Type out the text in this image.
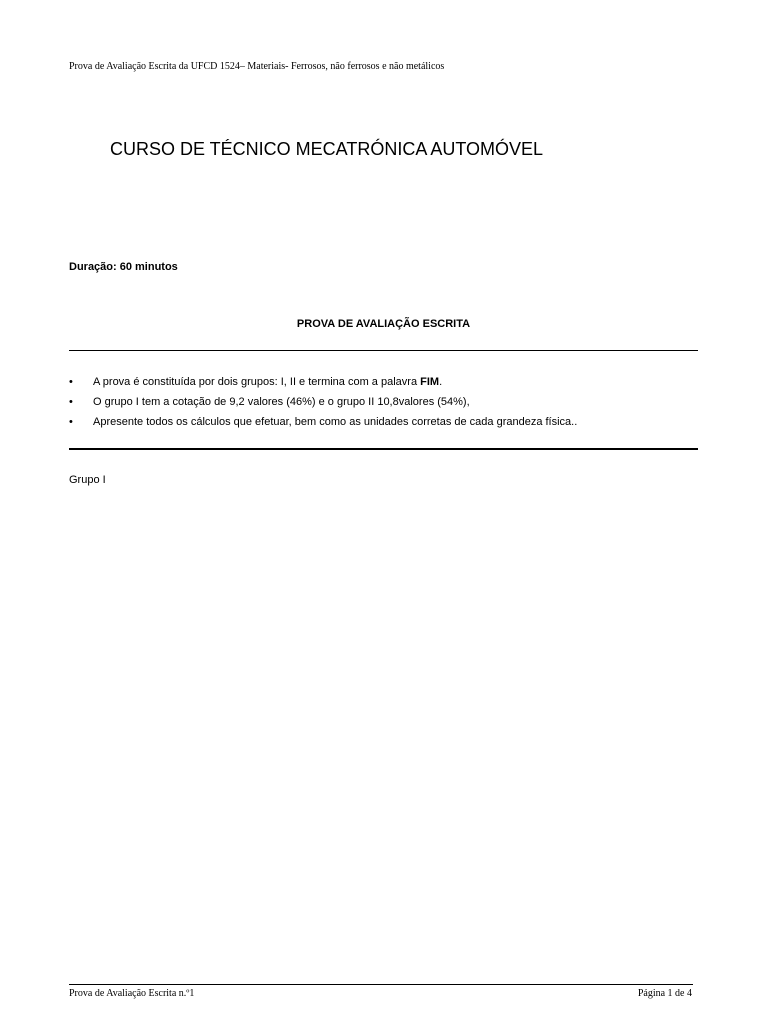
Prova de Avaliação Escrita da UFCD 1524– Materiais- Ferrosos, não ferrosos e não metálicos
CURSO DE TÉCNICO MECATRÓNICA AUTOMÓVEL
Duração: 60 minutos
PROVA DE AVALIAÇÃO ESCRITA
• A prova é constituída por dois grupos: I, II e termina com a palavra FIM.
• O grupo I tem a cotação de 9,2 valores (46%) e o grupo II 10,8valores (54%),
• Apresente todos os cálculos que efetuar, bem como as unidades corretas de cada grandeza física..
Grupo I
Prova de Avaliação Escrita n.º1	Página 1 de 4
